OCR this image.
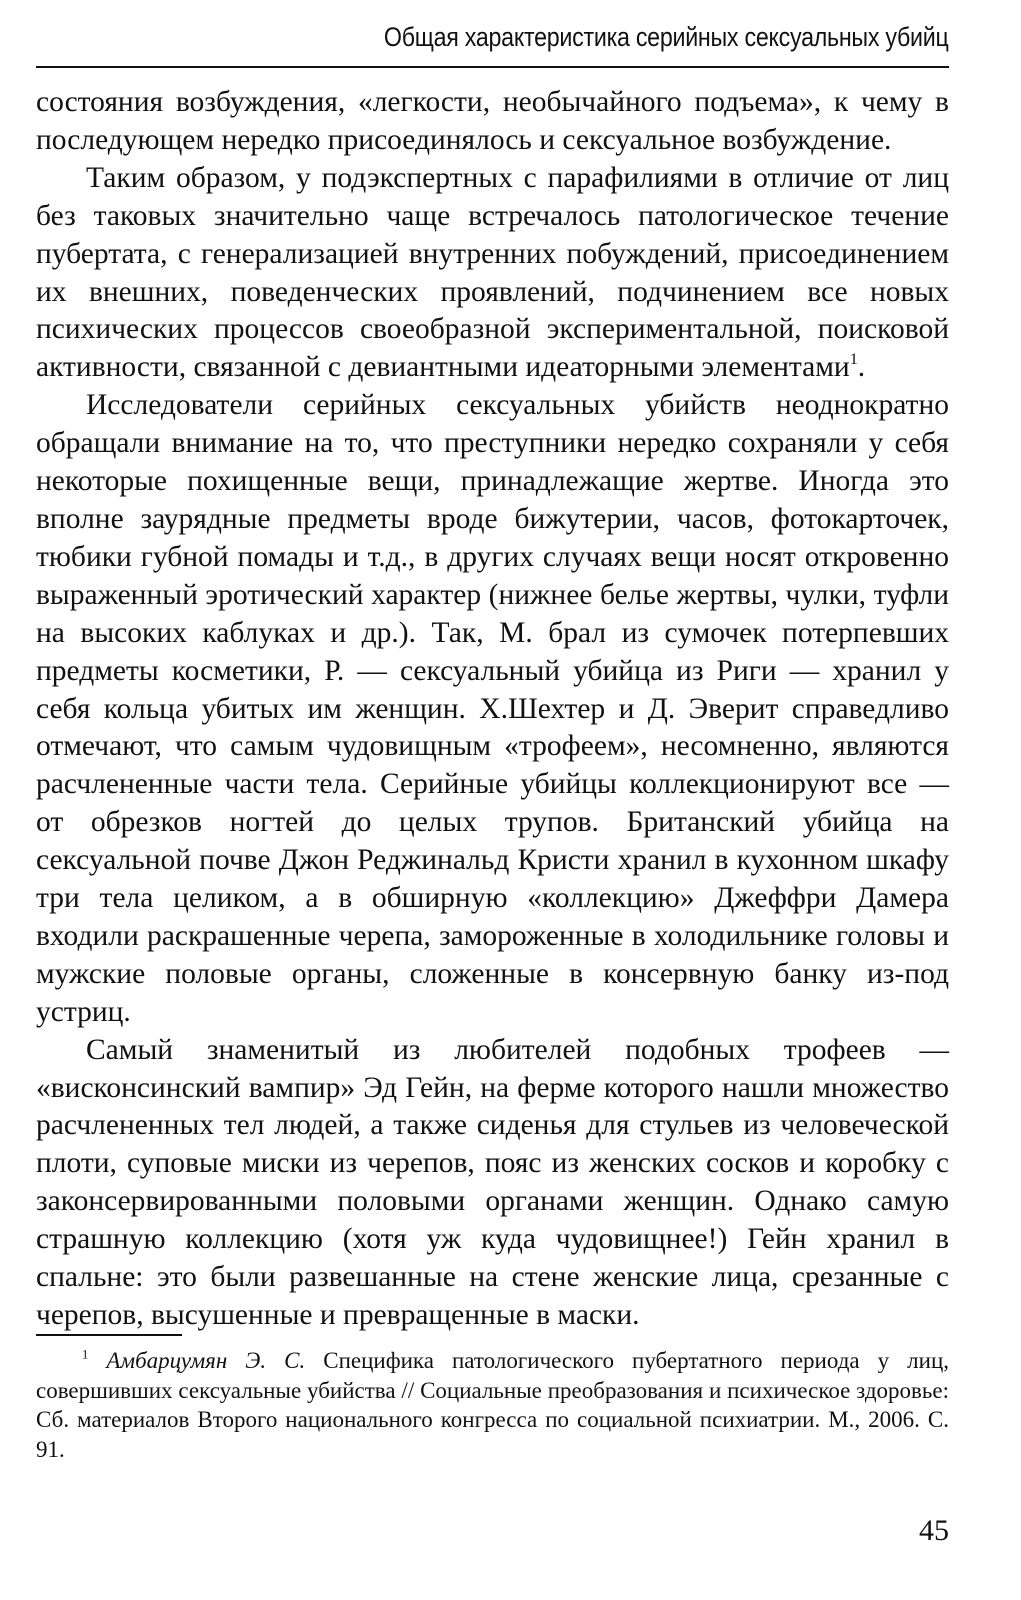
Общая характеристика серийных сексуальных убийц

состояния возбуждения, «легкости, необычайного подъема», к чему в последующем нередко присоединялось и сексуальное возбуждение.

Таким образом, у подэкспертных с парафилиями в отличие от лиц без таковых значительно чаще встречалось патологическое течение пубертата, с генерализацией внутренних побуждений, присоединением их внешних, поведенческих проявлений, подчинением все новых психических процессов своеобразной экспериментальной, поисковой активности, связанной с девиантными идеаторными элементами$^1$.

Исследователи серийных сексуальных убийств неоднократно обращали внимание на то, что преступники нередко сохраняли у себя некоторые похищенные вещи, принадлежащие жертве. Иногда это вполне заурядные предметы вроде бижутерии, часов, фотокарточек, тюбики губной помады и т.д., в других случаях вещи носят откровенно выраженный эротический характер (нижнее белье жертвы, чулки, туфли на высоких каблуках и др.). Так, М. брал из сумочек потерпевших предметы косметики, Р. — сексуальный убийца из Риги — хранил у себя кольца убитых им женщин. Х.Шехтер и Д. Эверит справедливо отмечают, что самым чудовищным «трофеем», несомненно, являются расчлененные части тела. Серийные убийцы коллекционируют все — от обрезков ногтей до целых трупов. Британский убийца на сексуальной почве Джон Реджинальд Кристи хранил в кухонном шкафу три тела целиком, а в обширную «коллекцию» Джеффри Дамера входили раскрашенные черепа, замороженные в холодильнике головы и мужские половые органы, сложенные в консервную банку из-под устриц.

Самый знаменитый из любителей подобных трофеев — «висконсинский вампир» Эд Гейн, на ферме которого нашли множество расчлененных тел людей, а также сиденья для стульев из человеческой плоти, суповые миски из черепов, пояс из женских сосков и коробку с законсервированными половыми органами женщин. Однако самую страшную коллекцию (хотя уж куда чудовищнее!) Гейн хранил в спальне: это были развешанные на стене женские лица, срезанные с черепов, высушенные и превращенные в маски.

$^1$ Амбарцумян Э. С. Специфика патологического пубертатного периода у лиц, совершивших сексуальные убийства // Социальные преобразования и психическое здоровье: Сб. материалов Второго национального конгресса по социальной психиатрии. М., 2006. С. 91.
45
